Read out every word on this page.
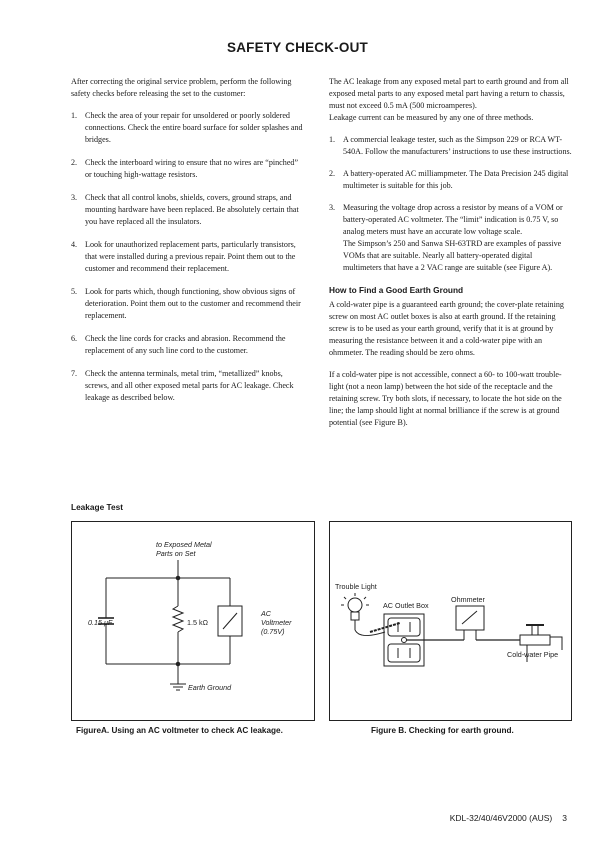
SAFETY CHECK-OUT

After correcting the original service problem, perform the following safety checks before releasing the set to the customer:

1. Check the area of your repair for unsoldered or poorly soldered connections. Check the entire board surface for solder splashes and bridges.
2. Check the interboard wiring to ensure that no wires are “pinched” or touching high-wattage resistors.
3. Check that all control knobs, shields, covers, ground straps, and mounting hardware have been replaced. Be absolutely certain that you have replaced all the insulators.
4. Look for unauthorized replacement parts, particularly transistors, that were installed during a previous repair. Point them out to the customer and recommend their replacement.
5. Look for parts which, though functioning, show obvious signs of deterioration. Point them out to the customer and recommend their replacement.
6. Check the line cords for cracks and abrasion. Recommend the replacement of any such line cord to the customer.
7. Check the antenna terminals, metal trim, “metallized” knobs, screws, and all other exposed metal parts for AC leakage. Check leakage as described below.

The AC leakage from any exposed metal part to earth ground and from all exposed metal parts to any exposed metal part having a return to chassis, must not exceed 0.5 mA (500 microamperes).

Leakage current can be measured by any one of three methods.

1. A commercial leakage tester, such as the Simpson 229 or RCA WT-540A. Follow the manufacturers’ instructions to use these instructions.
2. A battery-operated AC milliampmeter. The Data Precision 245 digital multimeter is suitable for this job.
3. Measuring the voltage drop across a resistor by means of a VOM or battery-operated AC voltmeter. The “limit” indication is 0.75 V, so analog meters must have an accurate low voltage scale.
The Simpson’s 250 and Sanwa SH-63TRD are examples of passive VOMs that are suitable. Nearly all battery-operated digital multimeters that have a 2 VAC range are suitable (see Figure A).
How to Find a Good Earth Ground

A cold-water pipe is a guaranteed earth ground; the cover-plate retaining screw on most AC outlet boxes is also at earth ground. If the retaining screw is to be used as your earth ground, verify that it is at ground by measuring the resistance between it and a cold-water pipe with an ohmmeter. The reading should be zero ohms.

If a cold-water pipe is not accessible, connect a 60- to 100-watt trouble- light (not a neon lamp) between the hot side of the receptacle and the retaining screw. Try both slots, if necessary, to locate the hot side on the line; the lamp should light at normal brilliance if the screw is at ground potential (see Figure B).

Leakage Test
to Exposed Metal
Parts on Set
0.15 μF	1.5 kΩ
AC
Voltmeter
(0.75V)
Earth Ground

FigureA. Using an AC voltmeter to check AC leakage.

Trouble Light
AC Outlet Box
Ohmmeter
Cold-water Pipe

Figure B. Checking for earth ground.

KDL-32/40/46V2000 (AUS) 3
